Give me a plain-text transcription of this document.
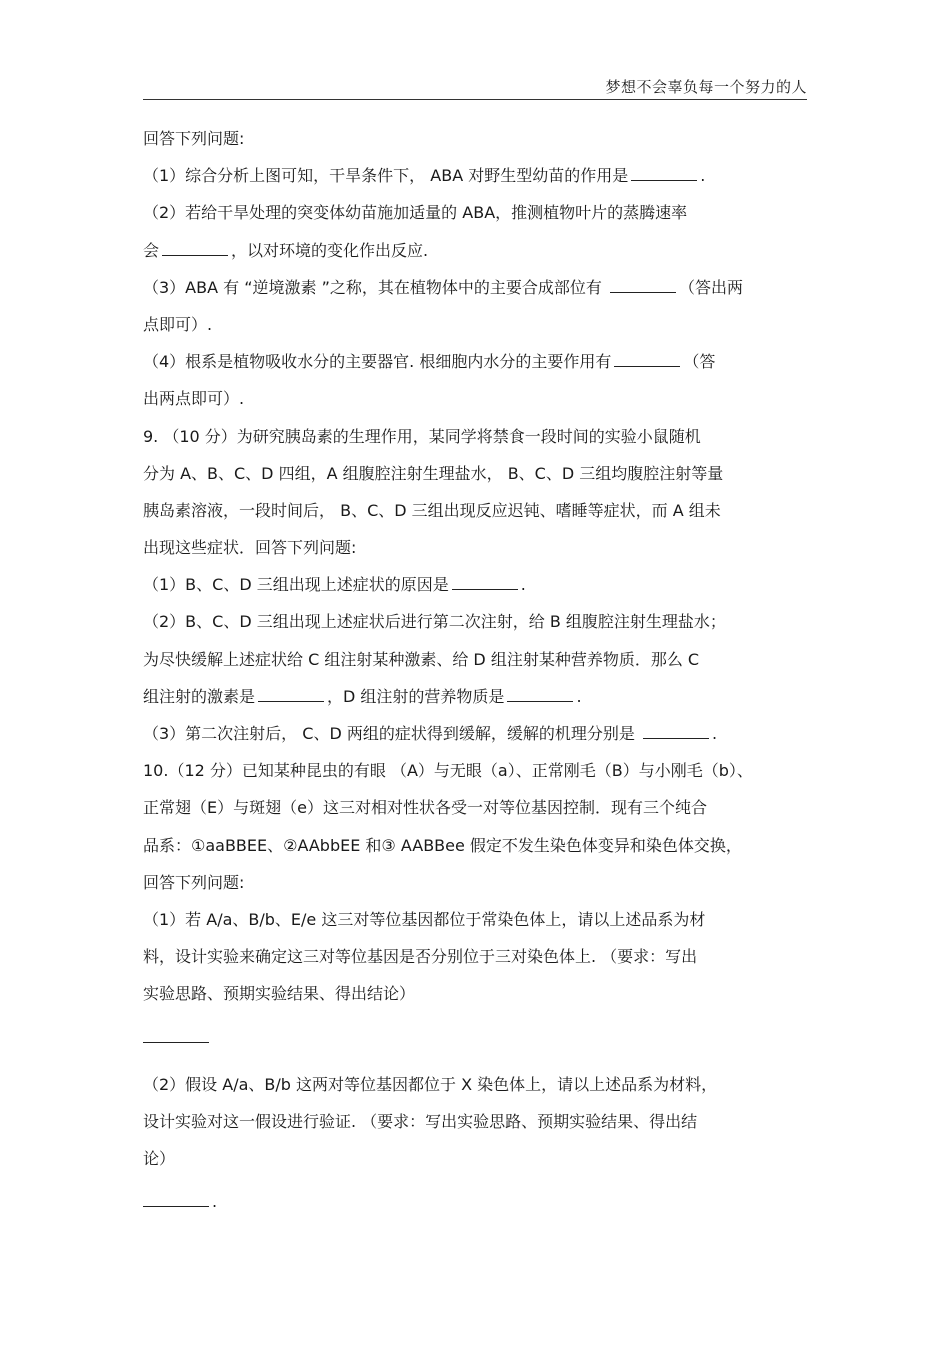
梦想不会辜负每一个努力的人
回答下列问题:
（1）综合分析上图可知，干旱条件下， ABA 对野生型幼苗的作用是	.
（2）若给干旱处理的突变体幼苗施加适量的 ABA，推测植物叶片的蒸腾速率
会	，以对环境的变化作出反应.
（3）ABA 有 “逆境激素 ”之称，其在植物体中的主要合成部位有	（答出两
点即可）.
（4）根系是植物吸收水分的主要器官. 根细胞内水分的主要作用有	（答
出两点即可）.
9. （10 分）为研究胰岛素的生理作用，某同学将禁食一段时间的实验小鼠随机
分为 A、B、C、D 四组，A 组腹腔注射生理盐水， B、C、D 三组均腹腔注射等量
胰岛素溶液，一段时间后， B、C、D 三组出现反应迟钝、嗜睡等症状，而 A 组未
出现这些症状．回答下列问题:
（1）B、C、D 三组出现上述症状的原因是	.
（2）B、C、D 三组出现上述症状后进行第二次注射，给 B 组腹腔注射生理盐水；
为尽快缓解上述症状给 C 组注射某种激素、给 D 组注射某种营养物质．那么 C
组注射的激素是	，D 组注射的营养物质是	.
（3）第二次注射后， C、D 两组的症状得到缓解，缓解的机理分别是	.
10.（12 分）已知某种昆虫的有眼 （A）与无眼（a）、正常刚毛（B）与小刚毛（b）、
正常翅（E）与斑翅（e）这三对相对性状各受一对等位基因控制．现有三个纯合
品系：①aaBBEE、②AAbbEE 和③ AABBee 假定不发生染色体变异和染色体交换，
回答下列问题:
（1）若 A/a、B/b、E/e 这三对等位基因都位于常染色体上，请以上述品系为材
料，设计实验来确定这三对等位基因是否分别位于三对染色体上. （要求：写出
实验思路、预期实验结果、得出结论）
（2）假设 A/a、B/b 这两对等位基因都位于 X 染色体上，请以上述品系为材料，
设计实验对这一假设进行验证. （要求：写出实验思路、预期实验结果、得出结
论）
.
